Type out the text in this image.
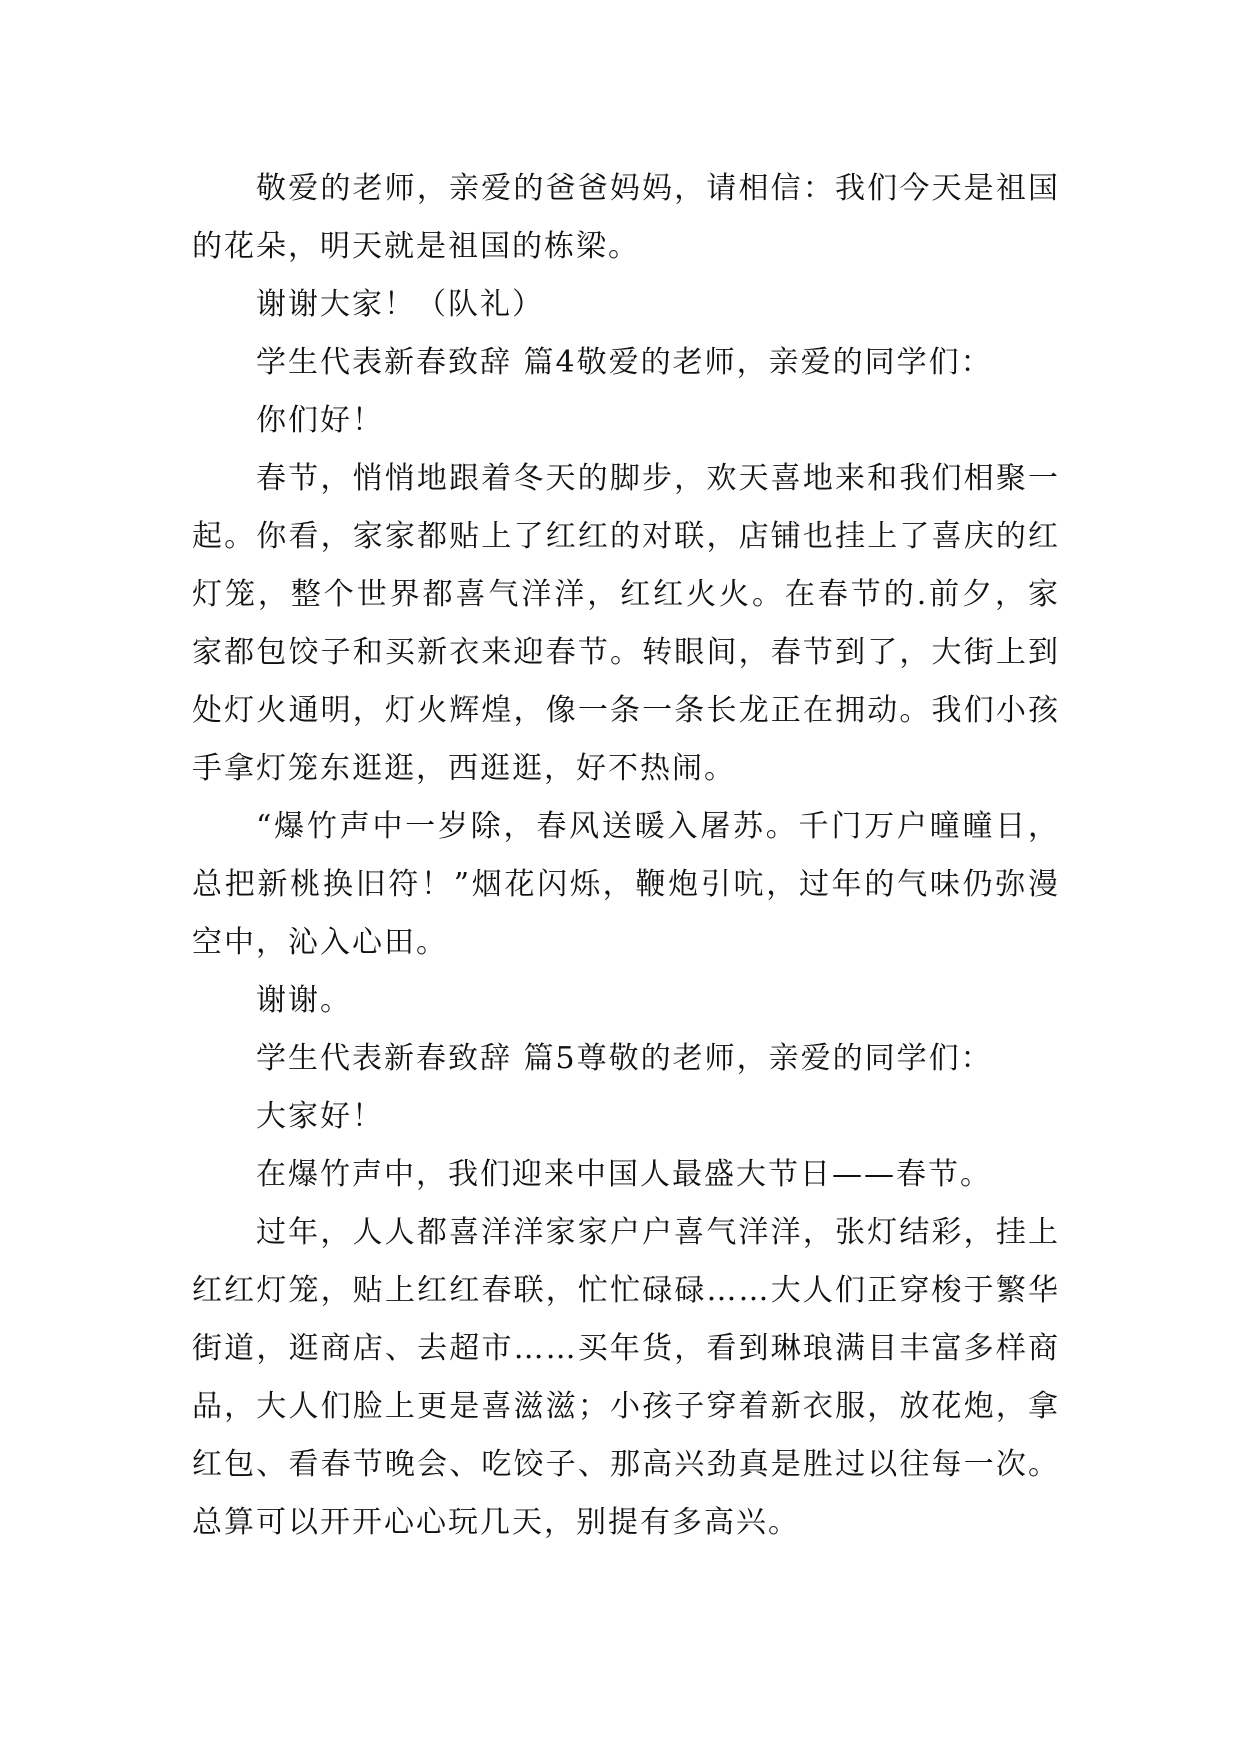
敬爱的老师，亲爱的爸爸妈妈，请相信：我们今天是祖国的花朵，明天就是祖国的栋梁。

谢谢大家！（队礼）

学生代表新春致辞 篇4敬爱的老师，亲爱的同学们：

你们好！

春节，悄悄地跟着冬天的脚步，欢天喜地来和我们相聚一起。你看，家家都贴上了红红的对联，店铺也挂上了喜庆的红灯笼，整个世界都喜气洋洋，红红火火。在春节的.前夕，家家都包饺子和买新衣来迎春节。转眼间，春节到了，大街上到处灯火通明，灯火辉煌，像一条一条长龙正在拥动。我们小孩手拿灯笼东逛逛，西逛逛，好不热闹。

“爆竹声中一岁除，春风送暖入屠苏。千门万户曈曈日，总把新桃换旧符！”烟花闪烁，鞭炮引吭，过年的气味仍弥漫空中，沁入心田。

谢谢。

学生代表新春致辞 篇5尊敬的老师，亲爱的同学们：

大家好！

在爆竹声中，我们迎来中国人最盛大节日——春节。

过年，人人都喜洋洋家家户户喜气洋洋，张灯结彩，挂上红红灯笼，贴上红红春联，忙忙碌碌……大人们正穿梭于繁华街道，逛商店、去超市……买年货，看到琳琅满目丰富多样商品，大人们脸上更是喜滋滋；小孩子穿着新衣服，放花炮，拿红包、看春节晚会、吃饺子、那高兴劲真是胜过以往每一次。总算可以开开心心玩几天，别提有多高兴。
